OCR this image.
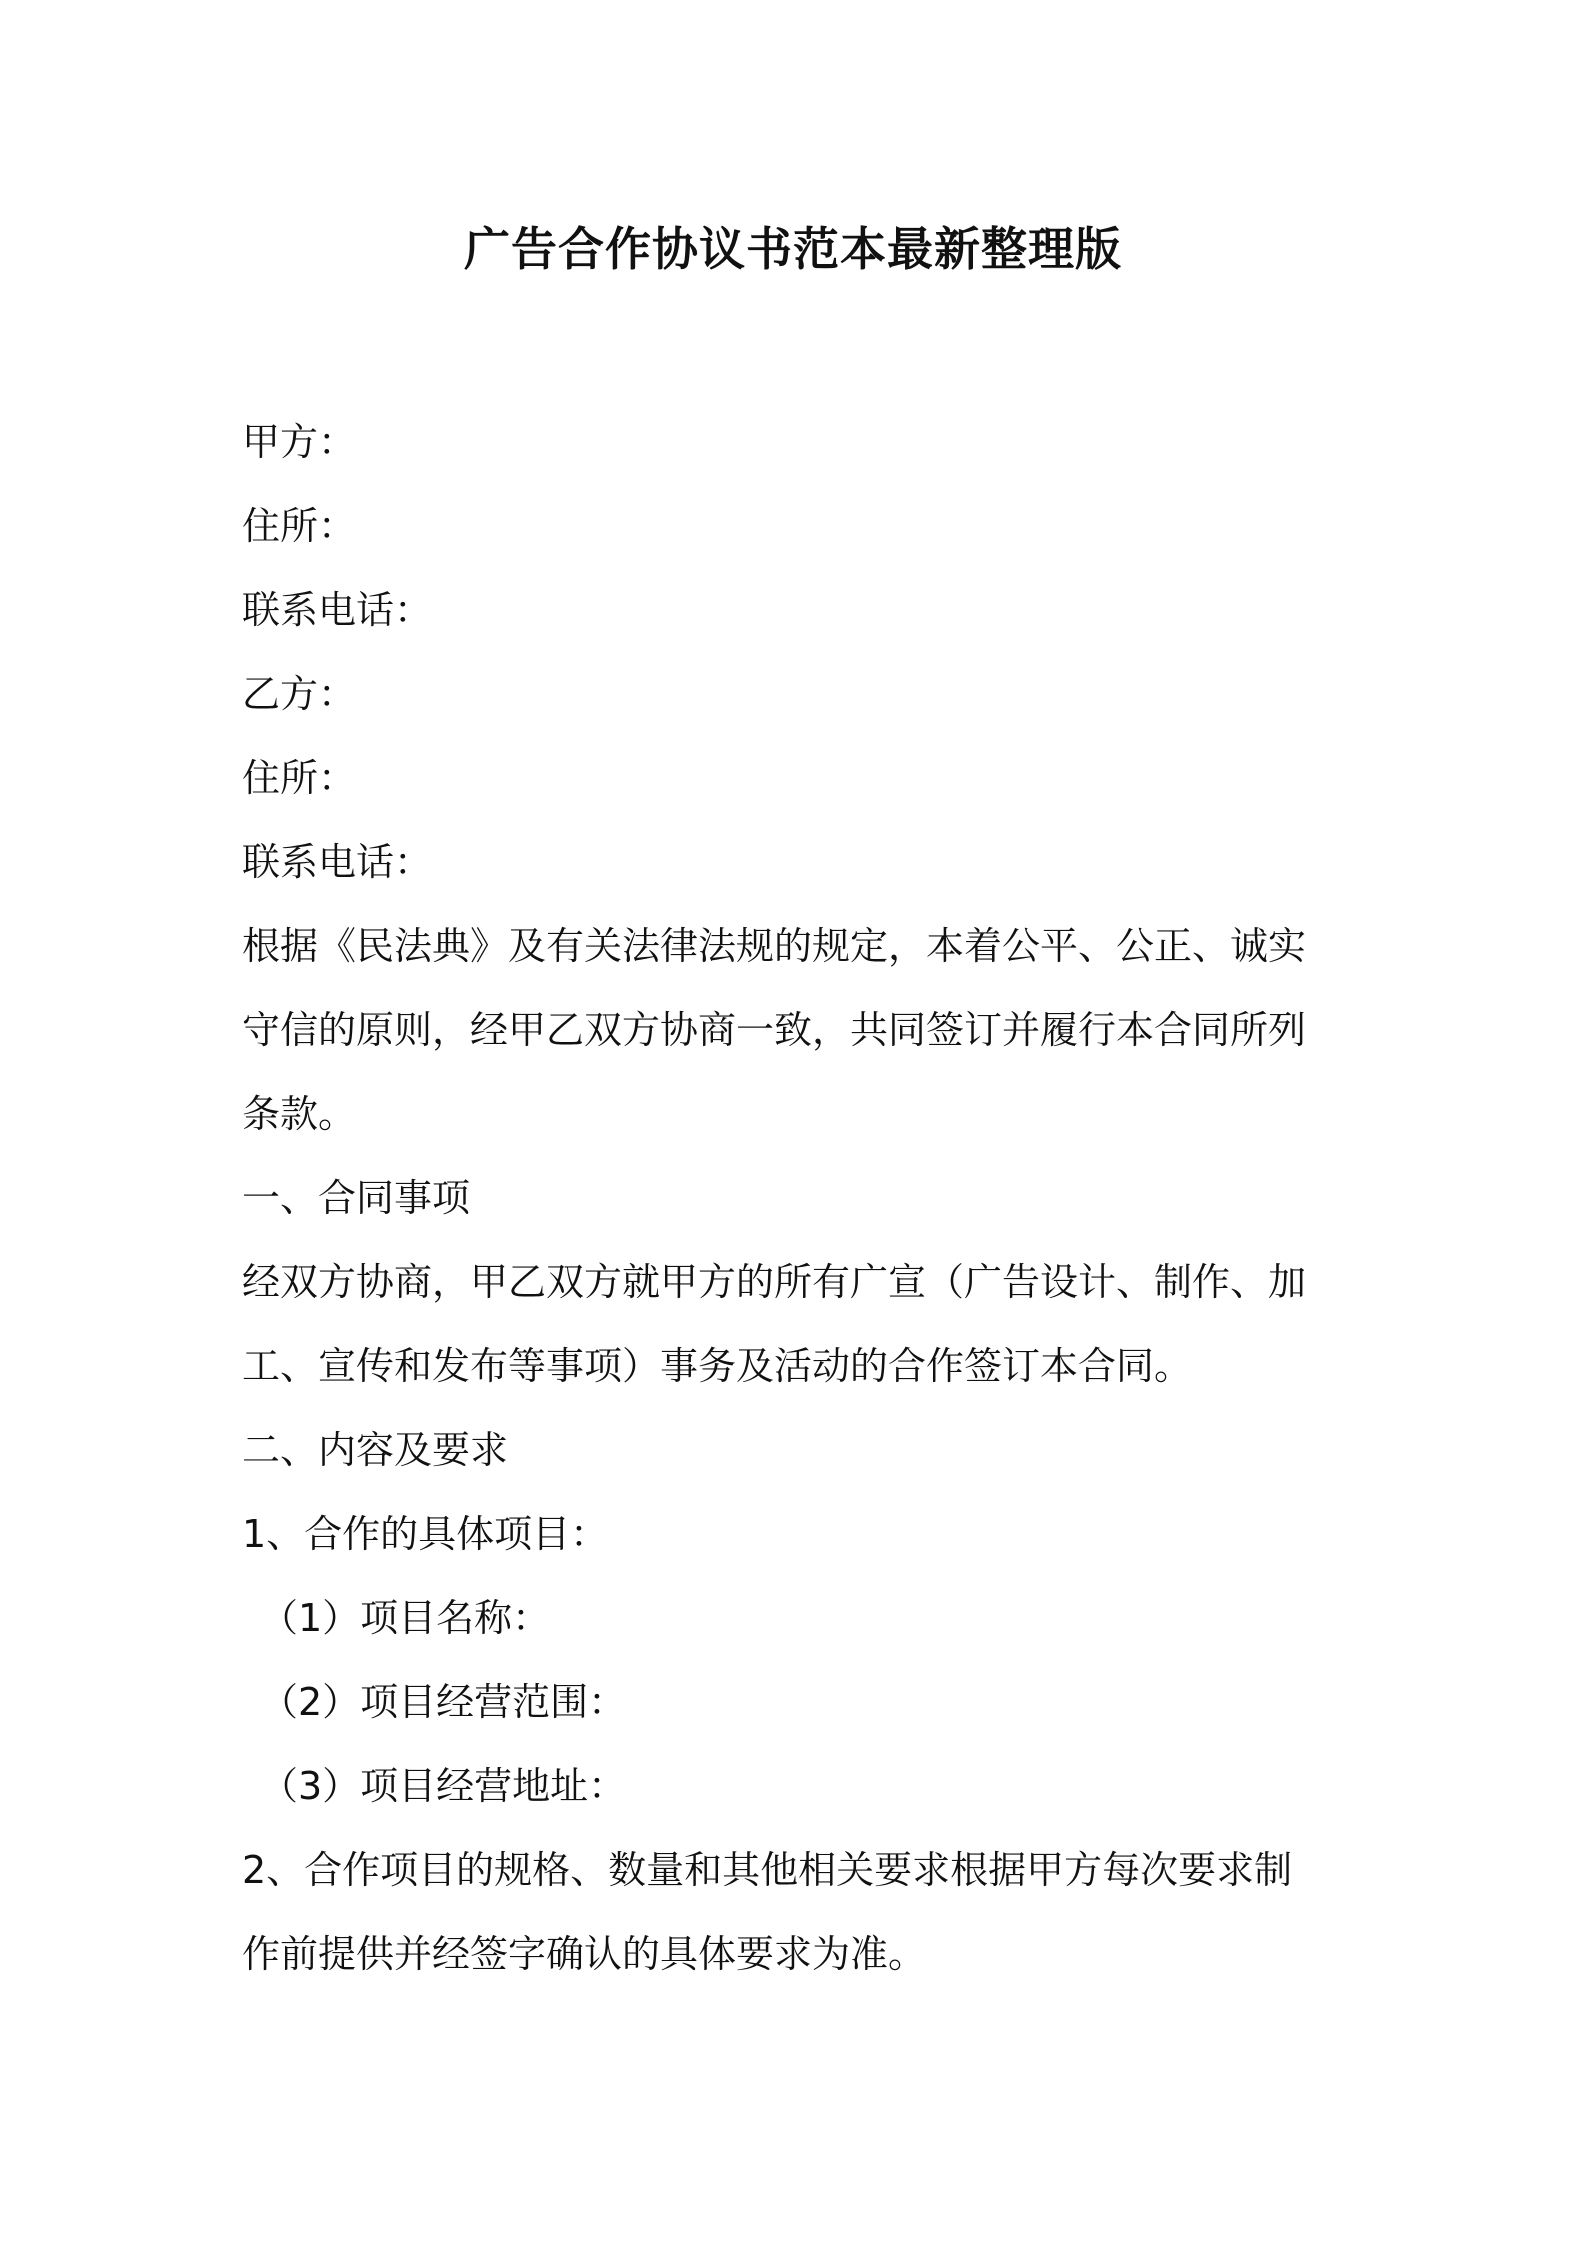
广告合作协议书范本最新整理版
甲方：
住所：
联系电话：
乙方：
住所：
联系电话：
根据《民法典》及有关法律法规的规定，本着公平、公正、诚实
守信的原则，经甲乙双方协商一致，共同签订并履行本合同所列
条款。
一、合同事项
经双方协商，甲乙双方就甲方的所有广宣（广告设计、制作、加
工、宣传和发布等事项）事务及活动的合作签订本合同。
二、内容及要求
1、合作的具体项目：
（1）项目名称：
（2）项目经营范围：
（3）项目经营地址：
2、合作项目的规格、数量和其他相关要求根据甲方每次要求制
作前提供并经签字确认的具体要求为准。
